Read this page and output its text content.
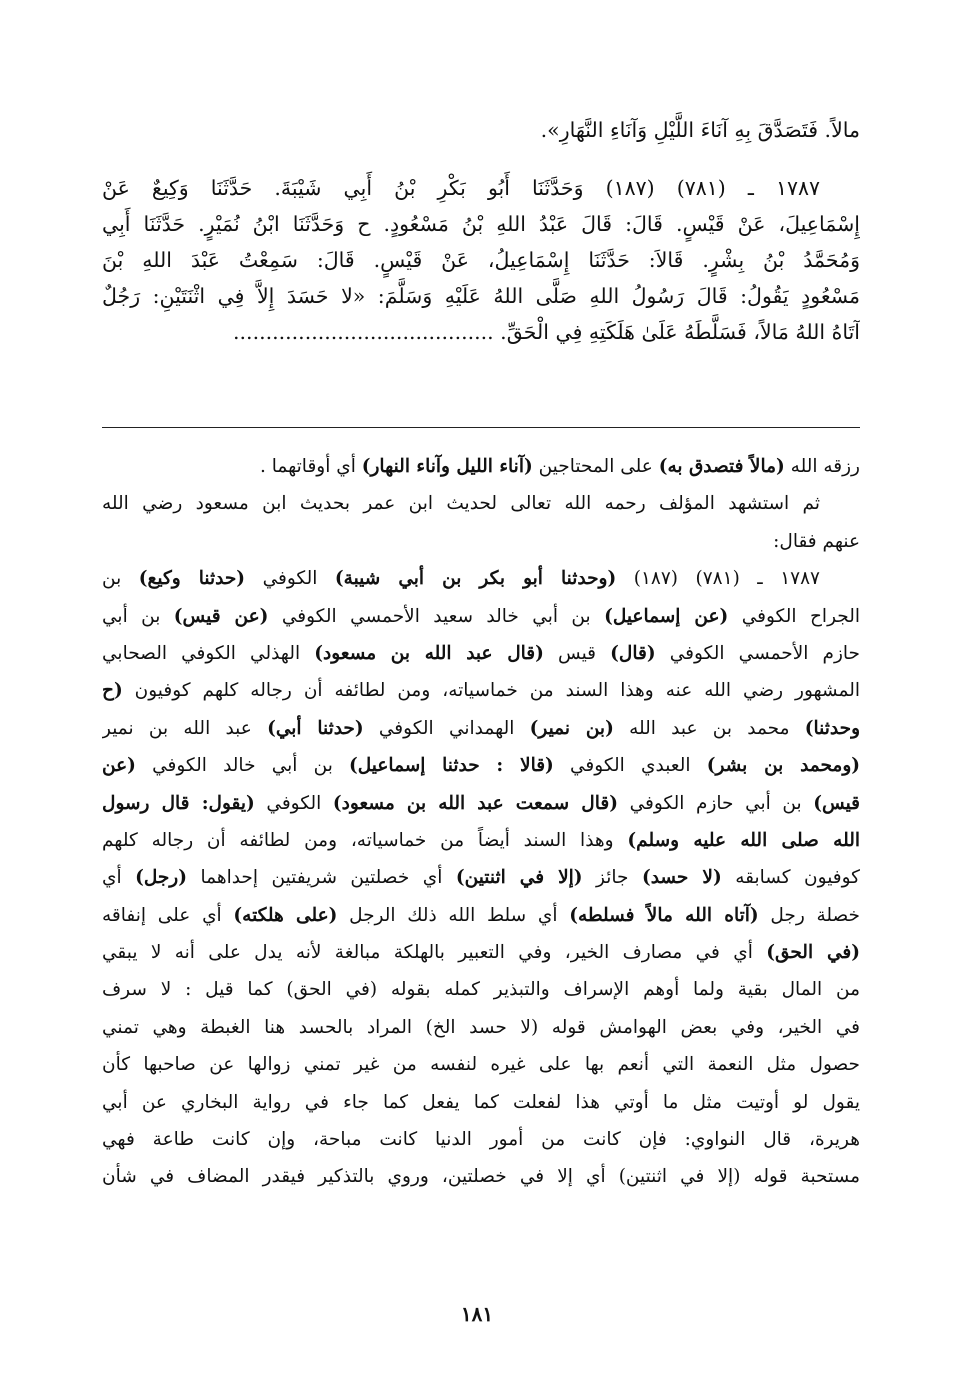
مالاً. فَتَصَدَّقَ بِهِ آنَاءَ اللَّيْلِ وَآنَاءِ النَّهَارِ».
١٧٨٧ ـ (٧٨١) (١٨٧) وَحَدَّثَنَا أَبُو بَكْرِ بْنُ أَبِي شَيْبَةَ. حَدَّثَنَا وَكِيعٌ عَنْ
إِسْمَاعِيلَ، عَنْ قَيْسٍ. قَالَ: قَالَ عَبْدُ اللهِ بْنُ مَسْعُودٍ. ح وَحَدَّثَنَا ابْنُ نُمَيْرٍ. حَدَّثَنَا أَبِي
وَمُحَمَّدُ بْنُ بِشْرٍ. قَالاَ: حَدَّثَنَا إِسْمَاعِيلُ، عَنْ قَيْسٍ. قَالَ: سَمِعْتُ عَبْدَ اللهِ بْنَ
مَسْعُودٍ يَقُولُ: قَالَ رَسُولُ اللهِ صَلَّى اللهُ عَلَيْهِ وَسَلَّمَ: «لا حَسَدَ إِلاَّ فِي اثْنَتَيْنِ: رَجُلٌ
آتَاهُ اللهُ مَالاً، فَسَلَّطَهُ عَلَىٰ هَلَكَتِهِ فِي الْحَقِّ. ........................................
رزقه الله (مالاً فتصدق به) على المحتاجين (آناء الليل وآناء النهار) أي أوقاتهما .
ثم استشهد المؤلف رحمه الله تعالى لحديث ابن عمر بحديث ابن مسعود رضي الله
عنهم فقال:
١٧٨٧ ـ (٧٨١) (١٨٧) (وحدثنا أبو بكر بن أبي شيبة) الكوفي (حدثنا وكيع) بن
الجراح الكوفي (عن إسماعيل) بن أبي خالد سعيد الأحمسي الكوفي (عن قيس) بن أبي
حازم الأحمسي الكوفي (قال) قيس (قال عبد الله بن مسعود) الهذلي الكوفي الصحابي
المشهور رضي الله عنه وهذا السند من خماسياته، ومن لطائفه أن رجاله كلهم كوفيون (ح
وحدثنا) محمد بن عبد الله (بن نمير) الهمداني الكوفي (حدثنا أبي) عبد الله بن نمير
(ومحمد بن بشر) العبدي الكوفي (قالا : حدثنا إسماعيل) بن أبي خالد الكوفي (عن
قيس) بن أبي حازم الكوفي (قال سمعت عبد الله بن مسعود) الكوفي (يقول: قال رسول
الله صلى الله عليه وسلم) وهذا السند أيضاً من خماسياته، ومن لطائفه أن رجاله كلهم
كوفيون كسابقه (لا حسد) جائز (إلا في اثنتين) أي خصلتين شريفتين إحداهما (رجل) أي
خصلة رجل (آتاه الله مالاً فسلطه) أي سلط الله ذلك الرجل (على هلكته) أي على إنفاقه
(في الحق) أي في مصارف الخير، وفي التعبير بالهلكة مبالغة لأنه يدل على أنه لا يبقي
من المال بقية ولما أوهم الإسراف والتبذير كمله بقوله (في الحق) كما قيل : لا سرف
في الخير، وفي بعض الهوامش قوله (لا حسد الخ) المراد بالحسد هنا الغبطة وهي تمني
حصول مثل النعمة التي أنعم بها على غيره لنفسه من غير تمني زوالها عن صاحبها كأن
يقول لو أوتيت مثل ما أوتي هذا لفعلت كما يفعل كما جاء في رواية البخاري عن أبي
هريرة، قال النواوي: فإن كانت من أمور الدنيا كانت مباحة، وإن كانت طاعة فهي
مستحبة قوله (إلا في اثنتين) أي إلا في خصلتين، وروي بالتذكير فيقدر المضاف في شأن
١٨١
